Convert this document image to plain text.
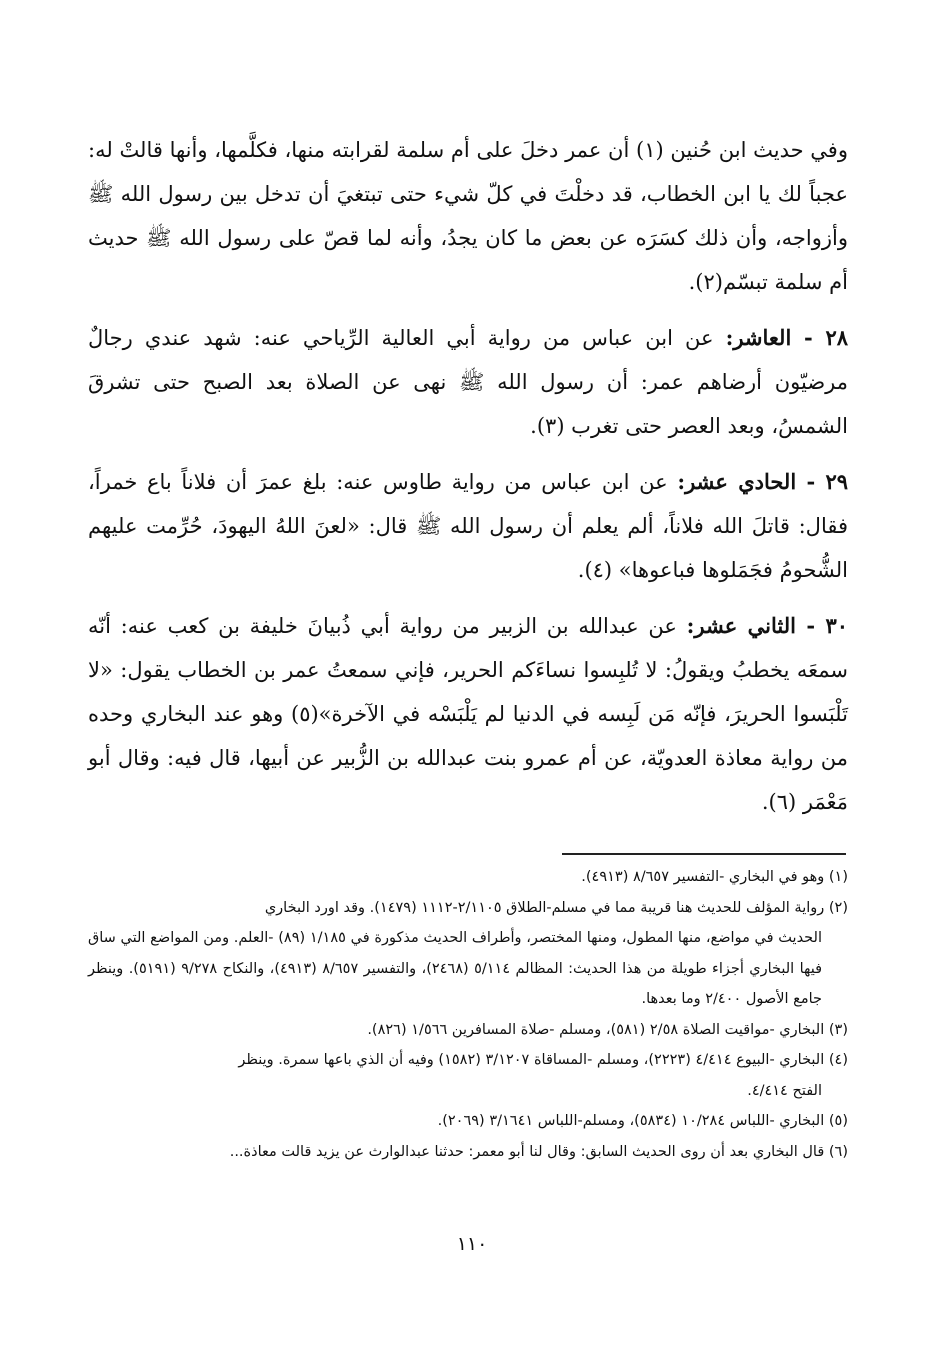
وفي حديث ابن حُنين (١) أن عمر دخلَ على أم سلمة لقرابته منها، فكلَّمها، وأنها قالتْ له: عجباً لك يا ابن الخطاب، قد دخلْتَ في كلّ شيء حتى تبتغيَ أن تدخل بين رسول الله ﷺ وأزواجه، وأن ذلك كسَرَه عن بعض ما كان يجدُ، وأنه لما قصّ على رسول الله ﷺ حديث أم سلمة تبسّم(٢).

٢٨ - العاشر: عن ابن عباس من رواية أبي العالية الرِّياحي عنه: شهد عندي رجالٌ مرضيّون أرضاهم عمر: أن رسول الله ﷺ نهى عن الصلاة بعد الصبح حتى تشرقَ الشمسُ، وبعد العصر حتى تغرب (٣).

٢٩ - الحادي عشر: عن ابن عباس من رواية طاوس عنه: بلغ عمرَ أن فلاناً باع خمراً، فقال: قاتلَ الله فلاناً، ألم يعلم أن رسول الله ﷺ قال: «لعنَ اللهُ اليهودَ، حُرِّمت عليهم الشُّحومُ فجَمَلوها فباعوها» (٤).

٣٠ - الثاني عشر: عن عبدالله بن الزبير من رواية أبي ذُبيانَ خليفة بن كعب عنه: أنّه سمعَه يخطبُ ويقولُ: لا تُلبِسوا نساءَكم الحرير، فإني سمعتُ عمر بن الخطاب يقول: «لا تَلْبَسوا الحريرَ، فإنّه مَن لَبِسه في الدنيا لم يَلْبَسْه في الآخرة»(٥) وهو عند البخاري وحده من رواية معاذة العدويّة، عن أم عمرو بنت عبدالله بن الزُّبير عن أبيها، قال فيه: وقال أبو مَعْمَر (٦).

(١) وهو في البخاري -التفسير ٨/٦٥٧ (٤٩١٣).

(٢) رواية المؤلف للحديث هنا قريبة مما في مسلم-الطلاق ٢/١١٠٥-١١١٢ (١٤٧٩). وقد اورد البخاري
الحديث في مواضع، منها المطول، ومنها المختصر، وأطراف الحديث مذكورة في ١/١٨٥ (٨٩) -العلم. ومن المواضع التي ساق فيها البخاري أجزاء طويلة من هذا الحديث: المظالم ٥/١١٤ (٢٤٦٨)، والتفسير ٨/٦٥٧ (٤٩١٣)، والنكاح ٩/٢٧٨ (٥١٩١). وينظر جامع الأصول ٢/٤٠٠ وما بعدها.

(٣) البخاري -مواقيت الصلاة ٢/٥٨ (٥٨١)، ومسلم -صلاة المسافرين ١/٥٦٦ (٨٢٦).

(٤) البخاري -البيوع ٤/٤١٤ (٢٢٢٣)، ومسلم -المساقاة ٣/١٢٠٧ (١٥٨٢) وفيه أن الذي باعها سمرة. وينظر
الفتح ٤/٤١٤.

(٥) البخاري -اللباس ١٠/٢٨٤ (٥٨٣٤)، ومسلم-اللباس ٣/١٦٤١ (٢٠٦٩).

(٦) قال البخاري بعد أن روى الحديث السابق: وقال لنا أبو معمر: حدثنا عبدالوارث عن يزيد قالت معاذة...

١١٠
